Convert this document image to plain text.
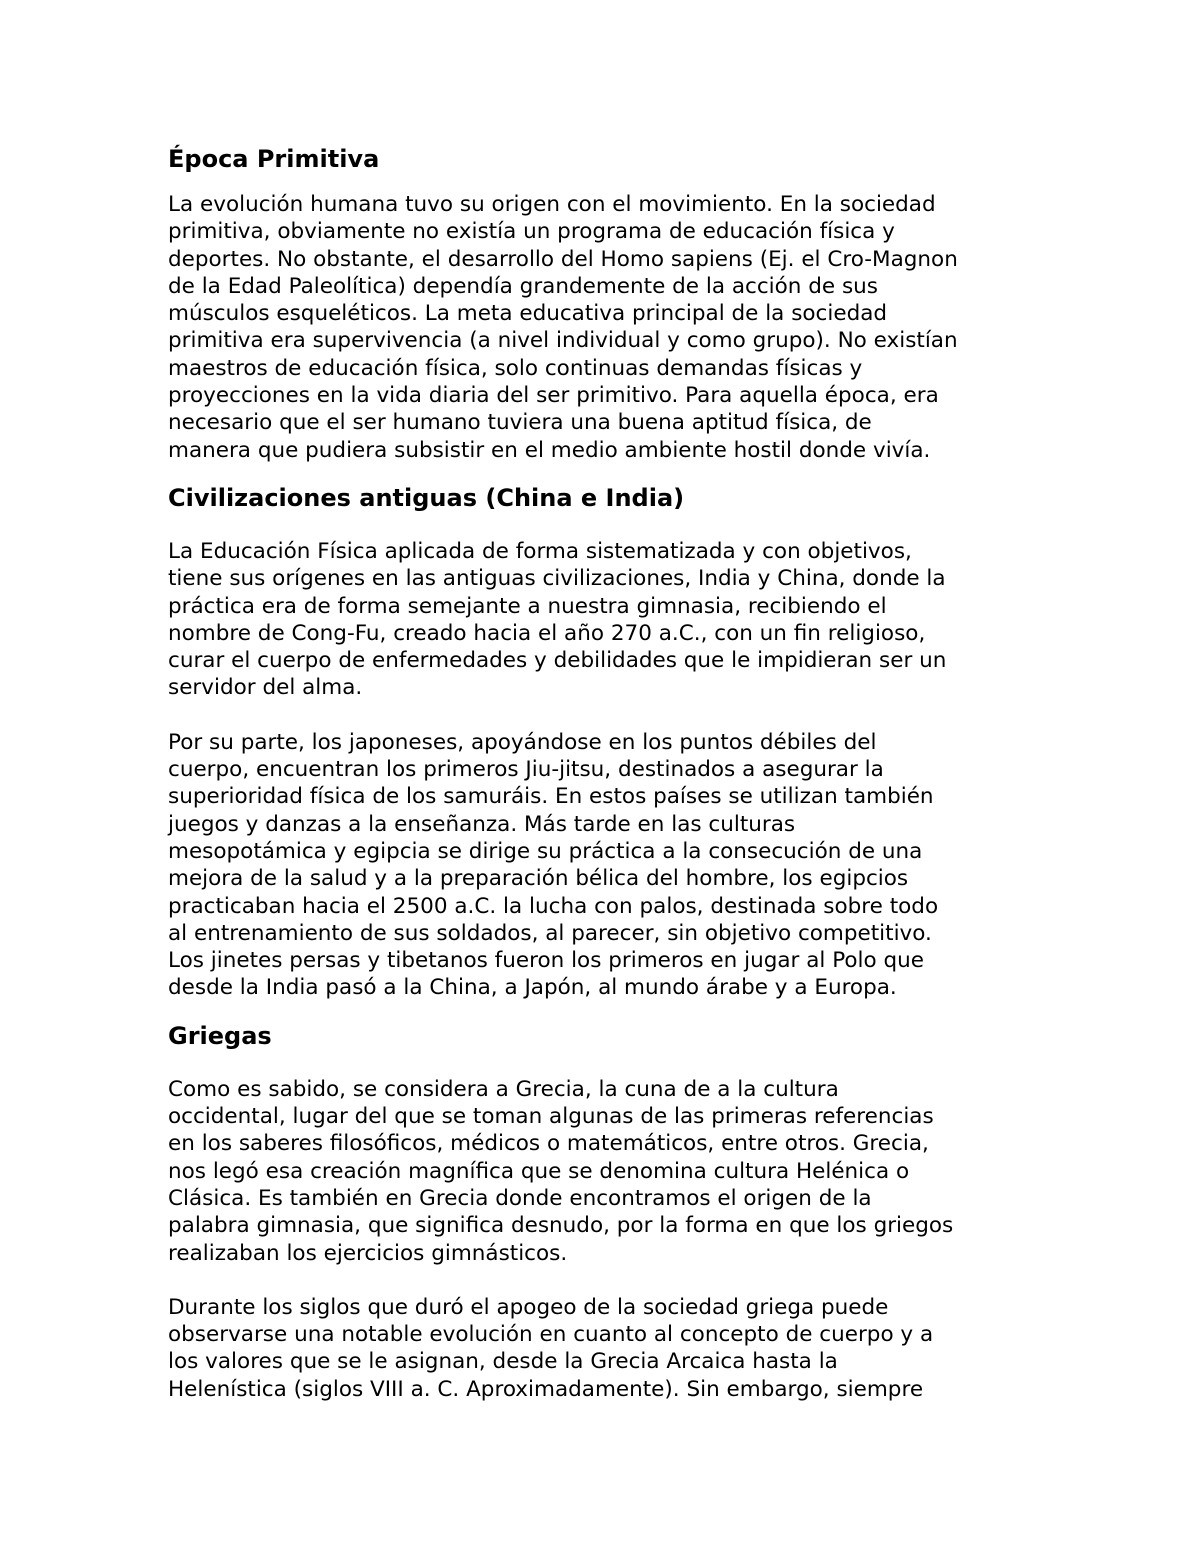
Época Primitiva

La evolución humana tuvo su origen con el movimiento. En la sociedad
primitiva, obviamente no existía un programa de educación física y
deportes. No obstante, el desarrollo del Homo sapiens (Ej. el Cro-Magnon
de la Edad Paleolítica) dependía grandemente de la acción de sus
músculos esqueléticos. La meta educativa principal de la sociedad
primitiva era supervivencia (a nivel individual y como grupo). No existían
maestros de educación física, solo continuas demandas físicas y
proyecciones en la vida diaria del ser primitivo. Para aquella época, era
necesario que el ser humano tuviera una buena aptitud física, de
manera que pudiera subsistir en el medio ambiente hostil donde vivía.

Civilizaciones antiguas (China e India)

La Educación Física aplicada de forma sistematizada y con objetivos,
tiene sus orígenes en las antiguas civilizaciones, India y China, donde la
práctica era de forma semejante a nuestra gimnasia, recibiendo el
nombre de Cong-Fu, creado hacia el año 270 a.C., con un fin religioso,
curar el cuerpo de enfermedades y debilidades que le impidieran ser un
servidor del alma.

Por su parte, los japoneses, apoyándose en los puntos débiles del
cuerpo, encuentran los primeros Jiu-jitsu, destinados a asegurar la
superioridad física de los samuráis. En estos países se utilizan también
juegos y danzas a la enseñanza. Más tarde en las culturas
mesopotámica y egipcia se dirige su práctica a la consecución de una
mejora de la salud y a la preparación bélica del hombre, los egipcios
practicaban hacia el 2500 a.C. la lucha con palos, destinada sobre todo
al entrenamiento de sus soldados, al parecer, sin objetivo competitivo.
Los jinetes persas y tibetanos fueron los primeros en jugar al Polo que
desde la India pasó a la China, a Japón, al mundo árabe y a Europa.

Griegas

Como es sabido, se considera a Grecia, la cuna de a la cultura
occidental, lugar del que se toman algunas de las primeras referencias
en los saberes filosóficos, médicos o matemáticos, entre otros. Grecia,
nos legó esa creación magnífica que se denomina cultura Helénica o
Clásica. Es también en Grecia donde encontramos el origen de la
palabra gimnasia, que significa desnudo, por la forma en que los griegos
realizaban los ejercicios gimnásticos.

Durante los siglos que duró el apogeo de la sociedad griega puede
observarse una notable evolución en cuanto al concepto de cuerpo y a
los valores que se le asignan, desde la Grecia Arcaica hasta la
Helenística (siglos VIII a. C. Aproximadamente). Sin embargo, siempre
